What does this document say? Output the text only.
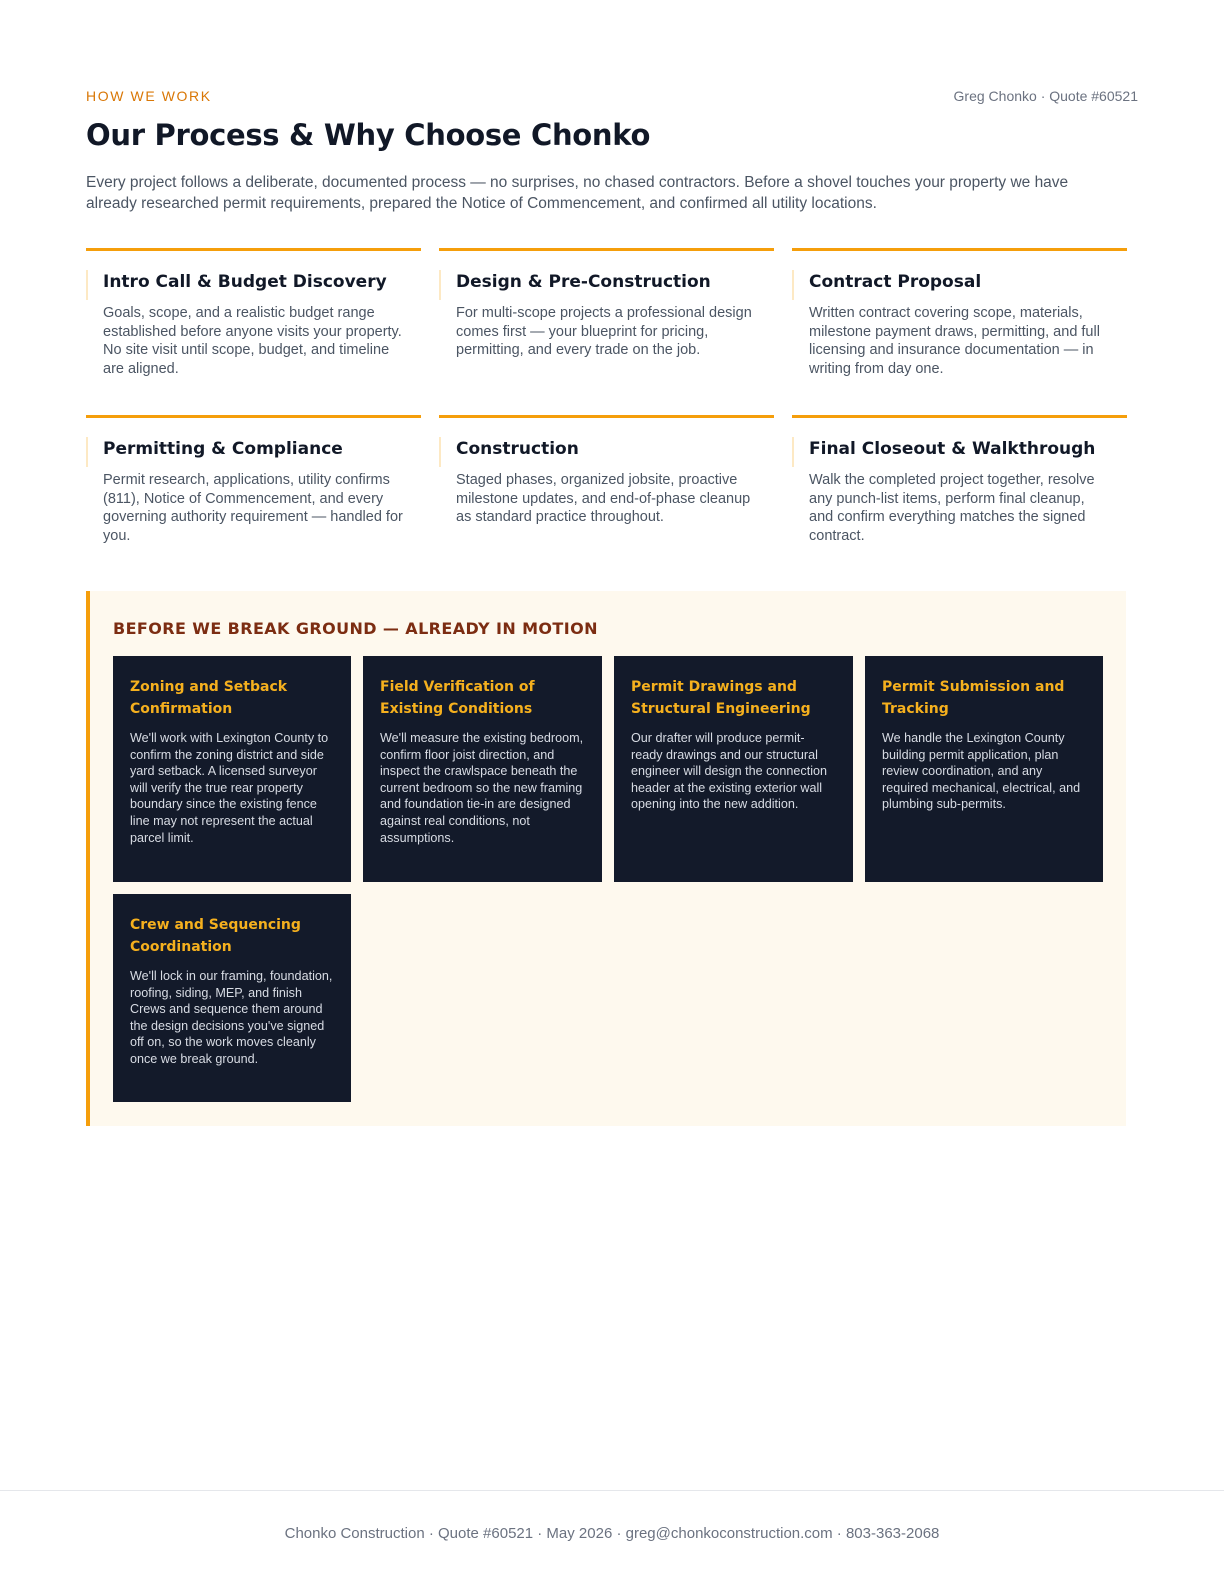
HOW WE WORK	Greg Chonko · Quote #60521
Our Process & Why Choose Chonko

Every project follows a deliberate, documented process — no surprises, no chased contractors. Before a shovel touches your property we have already researched permit requirements, prepared the Notice of Commencement, and confirmed all utility locations.

Intro Call & Budget Discovery
Goals, scope, and a realistic budget range established before anyone visits your property. No site visit until scope, budget, and timeline are aligned.
Design & Pre-Construction
For multi-scope projects a professional design comes first — your blueprint for pricing, permitting, and every trade on the job.
Contract Proposal
Written contract covering scope, materials, milestone payment draws, permitting, and full licensing and insurance documentation — in writing from day one.
Permitting & Compliance
Permit research, applications, utility confirms (811), Notice of Commencement, and every governing authority requirement — handled for you.
Construction
Staged phases, organized jobsite, proactive milestone updates, and end-of-phase cleanup as standard practice throughout.
Final Closeout & Walkthrough
Walk the completed project together, resolve any punch-list items, perform final cleanup, and confirm everything matches the signed contract.
BEFORE WE BREAK GROUND — ALREADY IN MOTION
Zoning and Setback Confirmation
We'll work with Lexington County to confirm the zoning district and side yard setback. A licensed surveyor will verify the true rear property boundary since the existing fence line may not represent the actual parcel limit.
Field Verification of Existing Conditions
We'll measure the existing bedroom, confirm floor joist direction, and inspect the crawlspace beneath the current bedroom so the new framing and foundation tie-in are designed against real conditions, not assumptions.
Permit Drawings and Structural Engineering
Our drafter will produce permit-ready drawings and our structural engineer will design the connection header at the existing exterior wall opening into the new addition.
Permit Submission and Tracking
We handle the Lexington County building permit application, plan review coordination, and any required mechanical, electrical, and plumbing sub-permits.
Crew and Sequencing Coordination
We'll lock in our framing, foundation, roofing, siding, MEP, and finish Crews and sequence them around the design decisions you've signed off on, so the work moves cleanly once we break ground.
Chonko Construction · Quote #60521 · May 2026 · greg@chonkoconstruction.com · 803-363-2068
